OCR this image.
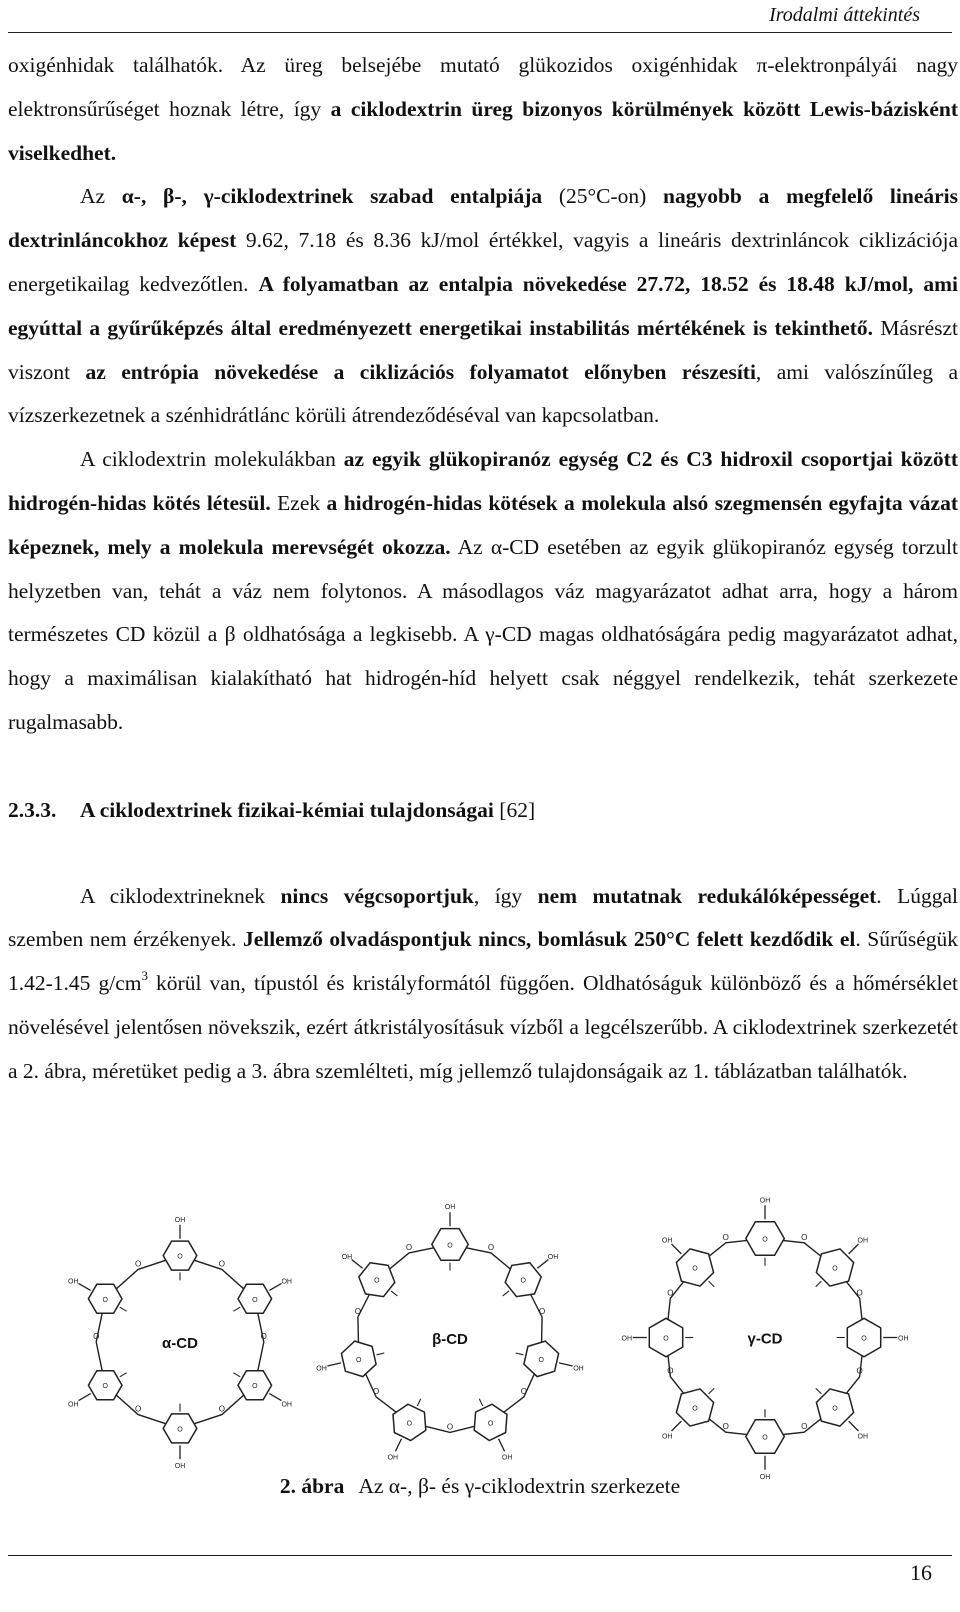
Irodalmi áttekintés

oxigénhidak találhatók. Az üreg belsejébe mutató glükozidos oxigénhidak π-elektronpályái nagy elektronsűrűséget hoznak létre, így a ciklodextrin üreg bizonyos körülmények között Lewis-bázisként viselkedhet.

Az α-, β-, γ-ciklodextrinek szabad entalpiája (25°C-on) nagyobb a megfelelő lineáris dextrinláncokhoz képest 9.62, 7.18 és 8.36 kJ/mol értékkel, vagyis a lineáris dextrinláncok ciklizációja energetikailag kedvezőtlen. A folyamatban az entalpia növekedése 27.72, 18.52 és 18.48 kJ/mol, ami egyúttal a gyűrűképzés által eredményezett energetikai instabilitás mértékének is tekinthető. Másrészt viszont az entrópia növekedése a ciklizációs folyamatot előnyben részesíti, ami valószínűleg a vízszerkezetnek a szénhidrátlánc körüli átrendeződéséval van kapcsolatban.

A ciklodextrin molekulákban az egyik glükopiranóz egység C2 és C3 hidroxil csoportjai között hidrogén-hidas kötés létesül. Ezek a hidrogén-hidas kötések a molekula alsó szegmensén egyfajta vázat képeznek, mely a molekula merevségét okozza. Az α-CD esetében az egyik glükopiranóz egység torzult helyzetben van, tehát a váz nem folytonos. A másodlagos váz magyarázatot adhat arra, hogy a három természetes CD közül a β oldhatósága a legkisebb. A γ-CD magas oldhatóságára pedig magyarázatot adhat, hogy a maximálisan kialakítható hat hidrogén-híd helyett csak néggyel rendelkezik, tehát szerkezete rugalmasabb.

2.3.3. A ciklodextrinek fizikai-kémiai tulajdonságai [62]

A ciklodextrineknek nincs végcsoportjuk, így nem mutatnak redukálóképességet. Lúggal szemben nem érzékenyek. Jellemző olvadáspontjuk nincs, bomlásuk 250°C felett kezdődik el. Sűrűségük 1.42-1.45 $g/cm^3$ körül van, típustól és kristályformától függően. Oldhatóságuk különböző és a hőmérséklet növelésével jelentősen növekszik, ezért átkristályosításuk vízből a legcélszerűbb. A ciklodextrinek szerkezetét a 2. ábra, méretüket pedig a 3. ábra szemlélteti, míg jellemző tulajdonságaik az 1. táblázatban találhatók.

O
O
O
O
O
O
O
OH
O
OH
O
OH
O
OH
O
OH
O
OH
α-CD
O
O
O
O
O
O
O	O
OH
O
OH
O
OH
O
OH
O
OH
O
OH
O
OH
β-CD
O
O
O
O
O
O
O
O	O
OH
O
OH
O	OH
O
OH
O
OH
O
OH
O
OH
O
OH
γ-CD
2. ábra Az α-, β- és γ-ciklodextrin szerkezete
16
